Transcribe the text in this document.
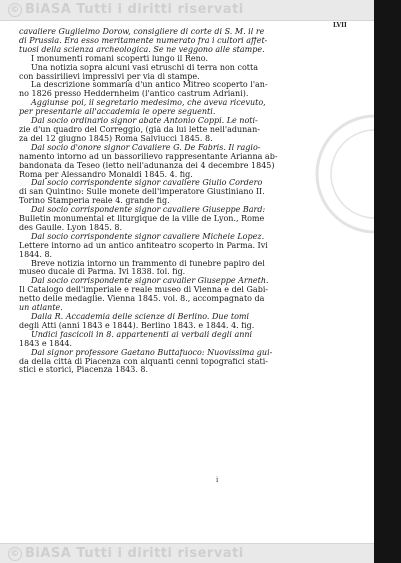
© BiASA Tutti i diritti riservati
LVII
cavaliere Guglielmo Dorow, consigliere di corte di S. M. il re
di Prussia. Era esso meritamente numerato fra i cultori affet-
tuosi della scienza archeologica. Se ne veggono alle stampe.
I monumenti romani scoperti lungo il Reno.
Una notizia sopra alcuni vasi etruschi di terra non cotta
con bassirilievi impressivi per via di stampe.
La descrizione sommaria d'un antico Mitreo scoperto l'an-
no 1826 presso Heddernheim (l'antico castrum Adriani).
Aggiunse poi, il segretario medesimo, che aveva ricevuto,
per presentarle all'accademia le opere seguenti.
Dal socio ordinario signor abate Antonio Coppi. Le noti-
zie d'un quadro del Correggio, (già da lui lette nell'adunan-
za del 12 giugno 1845) Roma Salviucci 1845. 8.
Dal socio d'onore signor Cavaliere G. De Fabris. Il ragio-
namento intorno ad un bassorilievo rappresentante Arianna ab-
bandonata da Teseo (letto nell'adunanza dei 4 decembre 1845)
Roma per Alessandro Monaldi 1845. 4. fig.
Dal socio corrispondente signor cavaliere Giulio Cordero
di san Quintino: Sulle monete dell'imperatore Giustiniano II.
Torino Stamperia reale 4. grande fig.
Dal socio corrispondente signor cavaliere Giuseppe Bard:
Bulletin monumental et liturgique de la ville de Lyon., Rome
des Gaulle. Lyon 1845. 8.
Dal socio corrispondente signor cavaliere Michele Lopez.
Lettere intorno ad un antico anfiteatro scoperto in Parma. Ivi
1844. 8.
Breve notizia intorno un frammento di funebre papiro del
museo ducale di Parma. Ivi 1838. fol. fig.
Dal socio corrispondente signor cavalier Giuseppe Arneth.
Il Catalogo dell'imperiale e reale museo di Vienna e del Gabi-
netto delle medaglie. Vienna 1845. vol. 8., accompagnato da
un atlante.
Dalla R. Accademia delle scienze di Berlino. Due tomi
degli Atti (anni 1843 e 1844). Berlino 1843. e 1844. 4. fig.
Undici fascicoli in 8. appartenenti ai verbali degli anni
1843 e 1844.
Dal signor professore Gaetano Buttafuoco: Nuovissima gui-
da della città di Piacenza con alquanti cenni topografici stati-
stici e storici, Piacenza 1843. 8.
i
© BiASA Tutti i diritti riservati
